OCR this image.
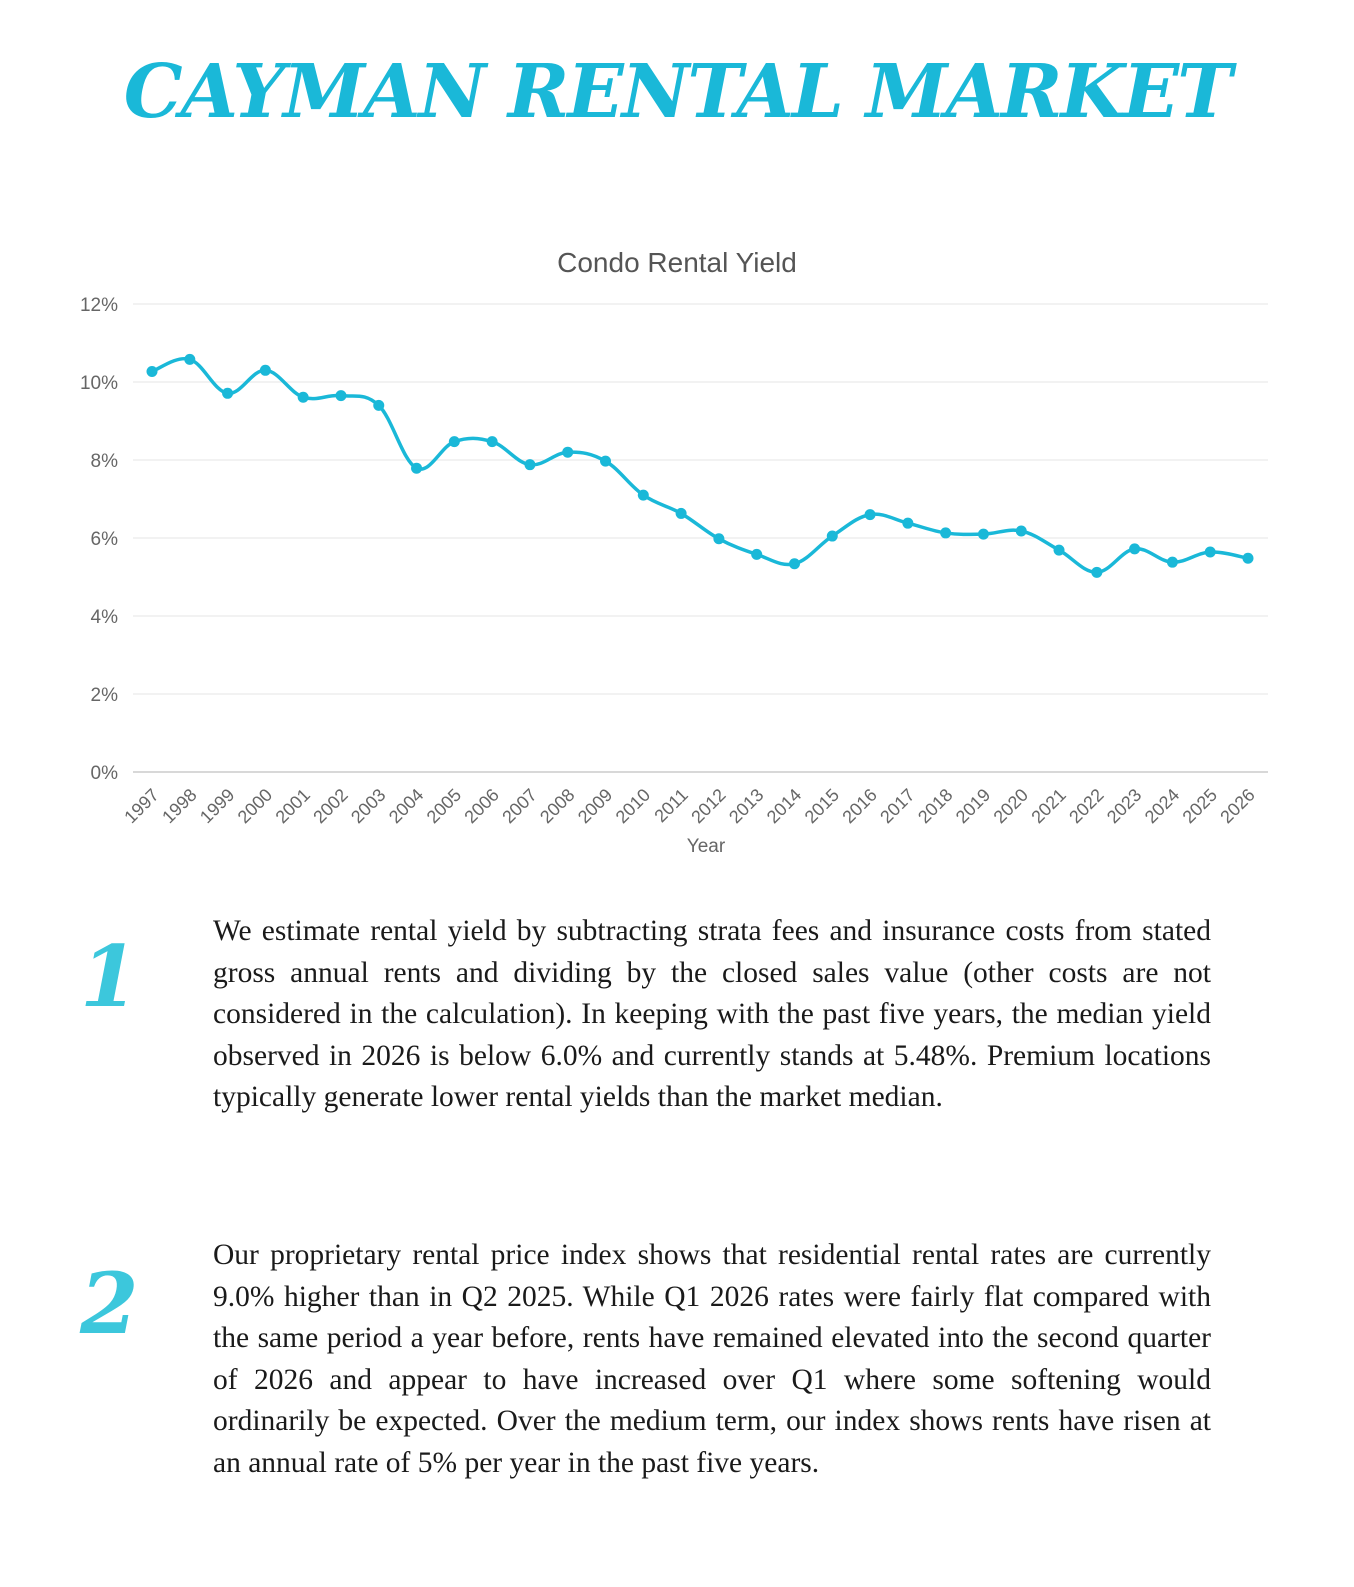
CAYMAN RENTAL MARKET
Condo Rental Yield
0%
2%
4%
6%
8%
10%
12%
1997
1998
1999
2000
2001
2002
2003
2004
2005
2006
2007
2008
2009
2010
2011
2012
2013
2014
2015
2016
2017
2018
2019
2020
2021
2022
2023
2024
2025
2026
Year
1	We estimate rental yield by subtracting strata fees and insurance costs from stated gross annual rents and dividing by the closed sales value (other costs are not considered in the calculation). In keeping with the past five years, the median yield observed in 2026 is below 6.0% and currently stands at 5.48%. Premium locations typically generate lower rental yields than the market median.

2	Our proprietary rental price index shows that residential rental rates are currently 9.0% higher than in Q2 2025. While Q1 2026 rates were fairly flat compared with the same period a year before, rents have remained elevated into the second quarter of 2026 and appear to have increased over Q1 where some softening would ordinarily be expected. Over the medium term, our index shows rents have risen at an annual rate of 5% per year in the past five years.
